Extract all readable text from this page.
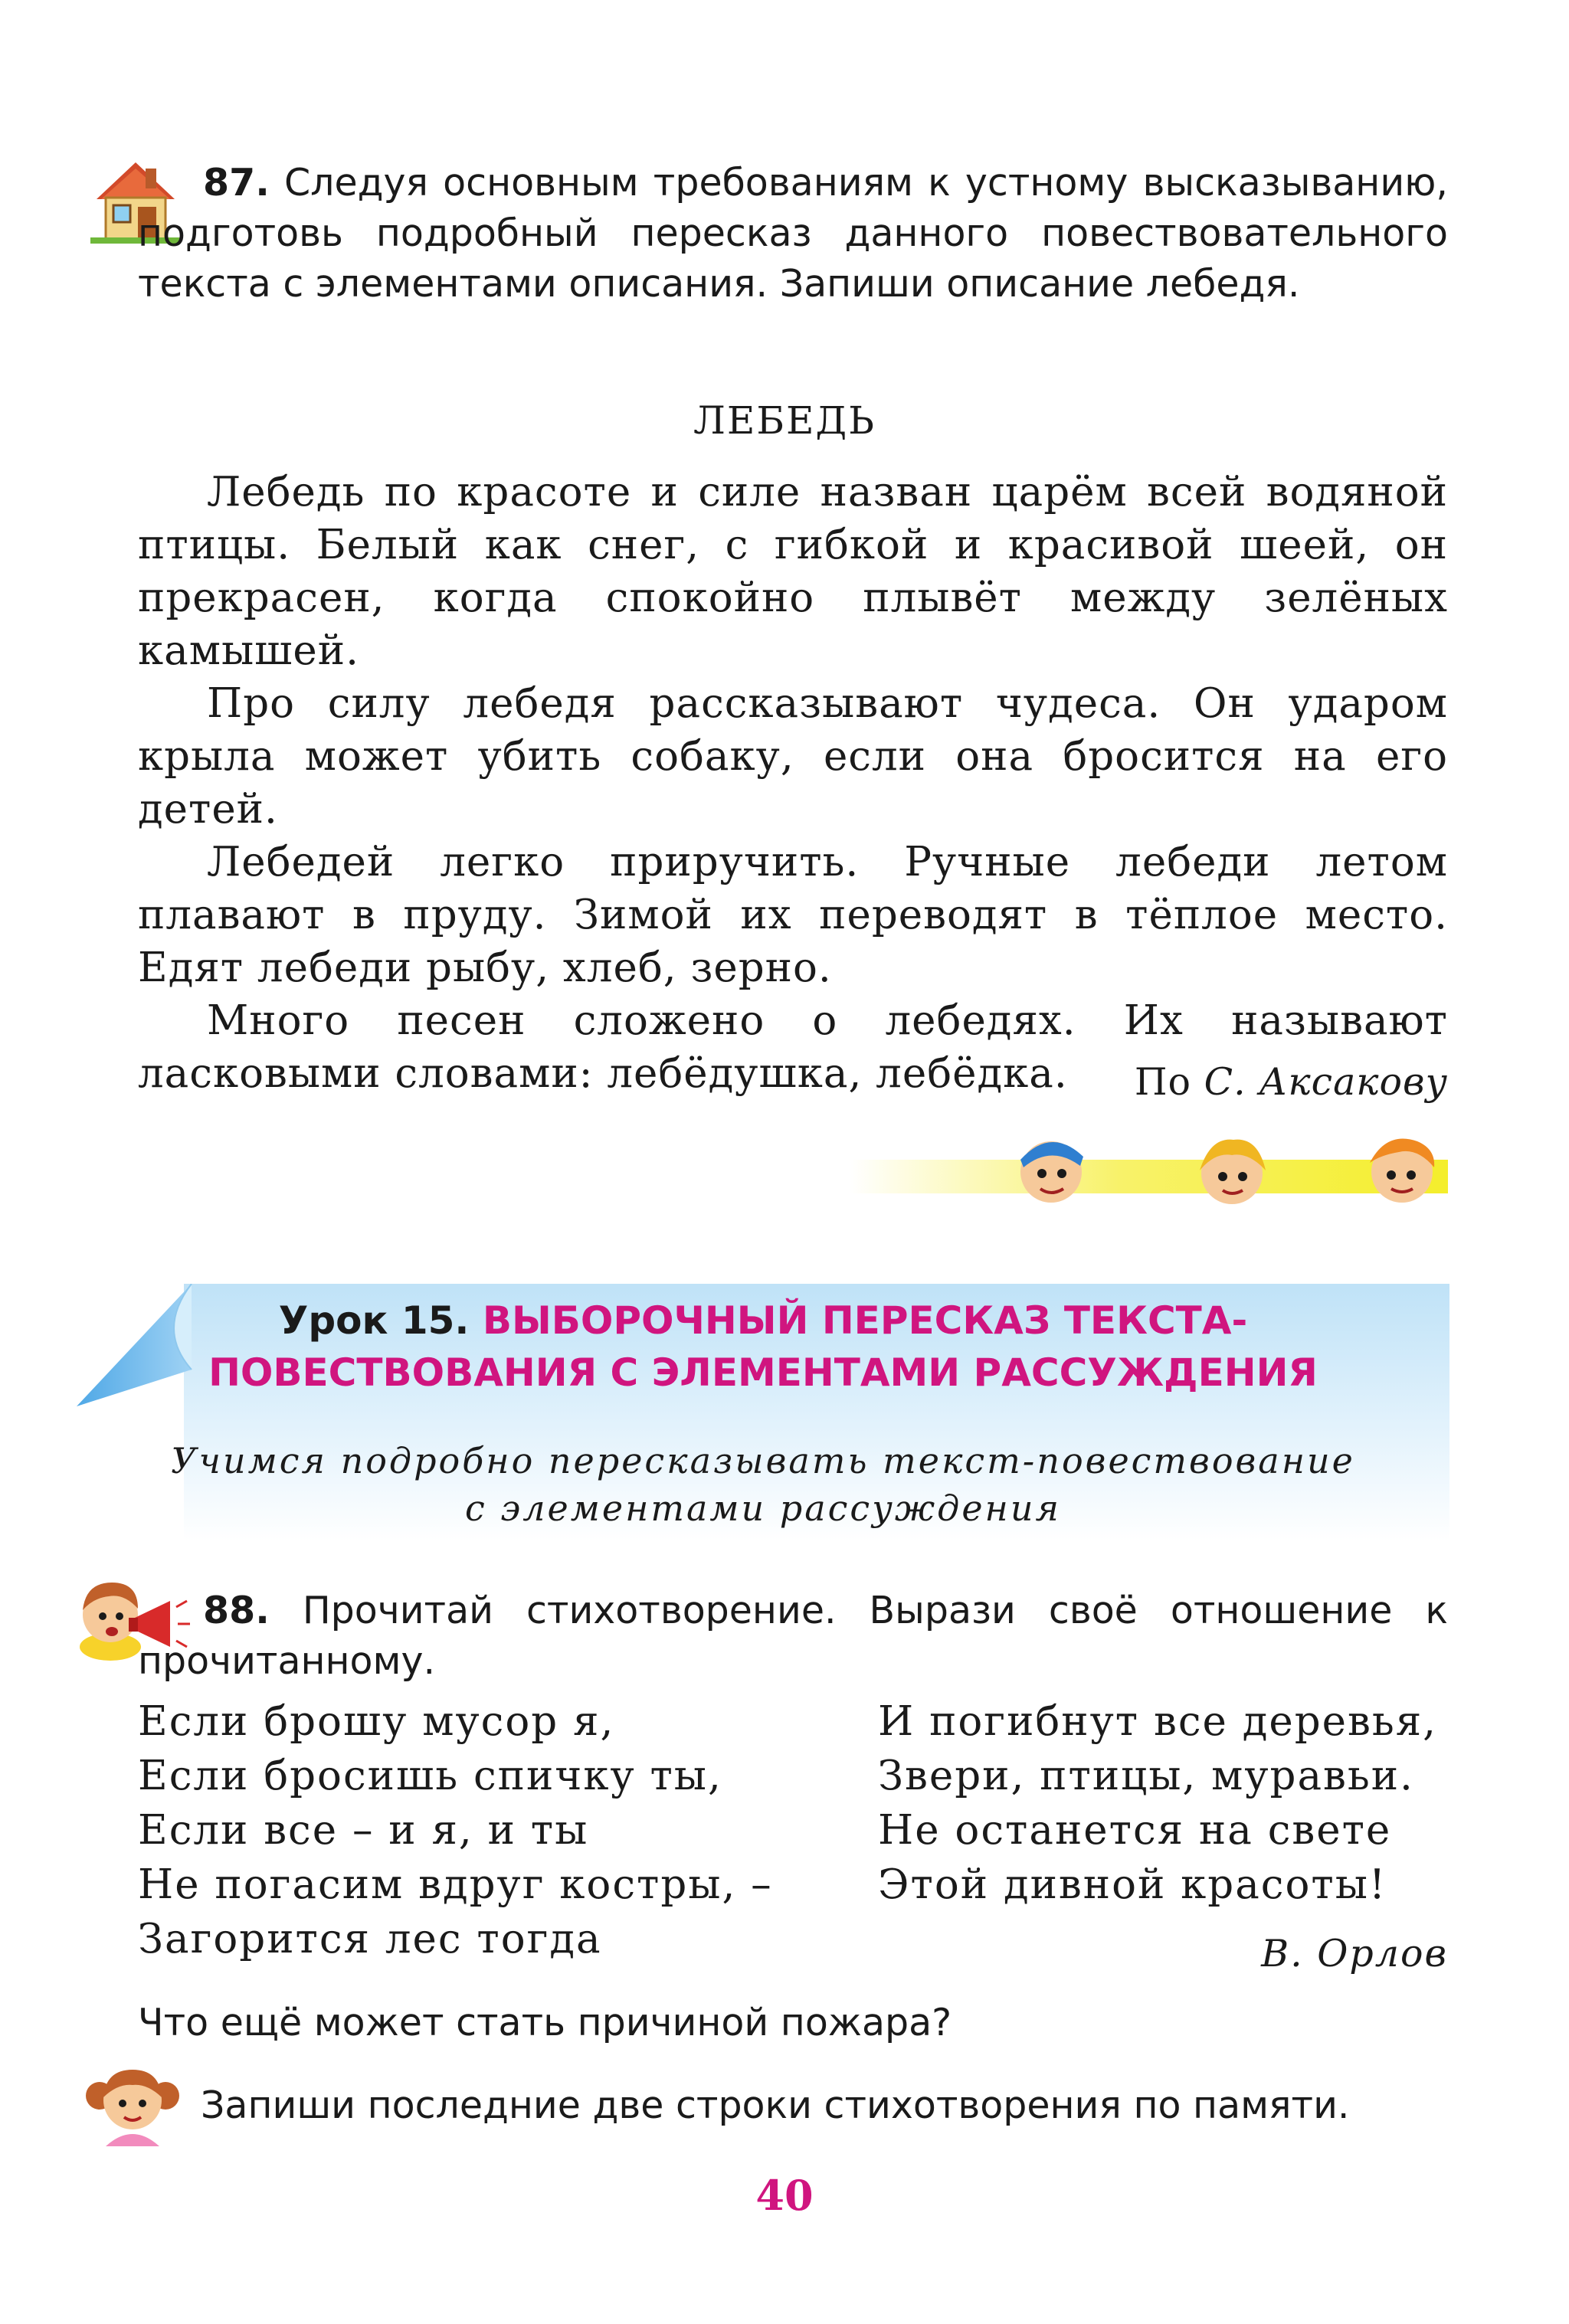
87. Следуя основным требованиям к устному высказыванию, подготовь подробный пересказ данного повествовательного текста с элементами описания. Запиши описание лебедя.
ЛЕБЕДЬ

Лебедь по красоте и силе назван царём всей водяной птицы. Белый как снег, с гибкой и красивой шеей, он прекрасен, когда спокойно плывёт между зелёных камышей.

Про силу лебедя рассказывают чудеса. Он ударом крыла может убить собаку, если она бросится на его детей.

Лебедей легко приручить. Ручные лебеди летом плавают в пруду. Зимой их переводят в тёплое место. Едят лебеди рыбу, хлеб, зерно.

Много песен сложено о лебедях. Их называют ласковыми словами: лебёдушка, лебёдка.	По С. Аксакову
Урок 15. ВЫБОРОЧНЫЙ ПЕРЕСКАЗ ТЕКСТА-
ПОВЕСТВОВАНИЯ С ЭЛЕМЕНТАМИ РАССУЖДЕНИЯ
Учимся подробно пересказывать текст-повествование
с элементами рассуждения
88. Прочитай стихотворение. Вырази своё отношение к прочитанному.
Если брошу мусор я,
Если бросишь спичку ты,
Если все – и я, и ты
Не погасим вдруг костры, –
Загорится лес тогда
И погибнут все деревья,
Звери, птицы, муравьи.
Не останется на свете
Этой дивной красоты!
В. Орлов
Что ещё может стать причиной пожара?
Запиши последние две строки стихотворения по памяти.
40
